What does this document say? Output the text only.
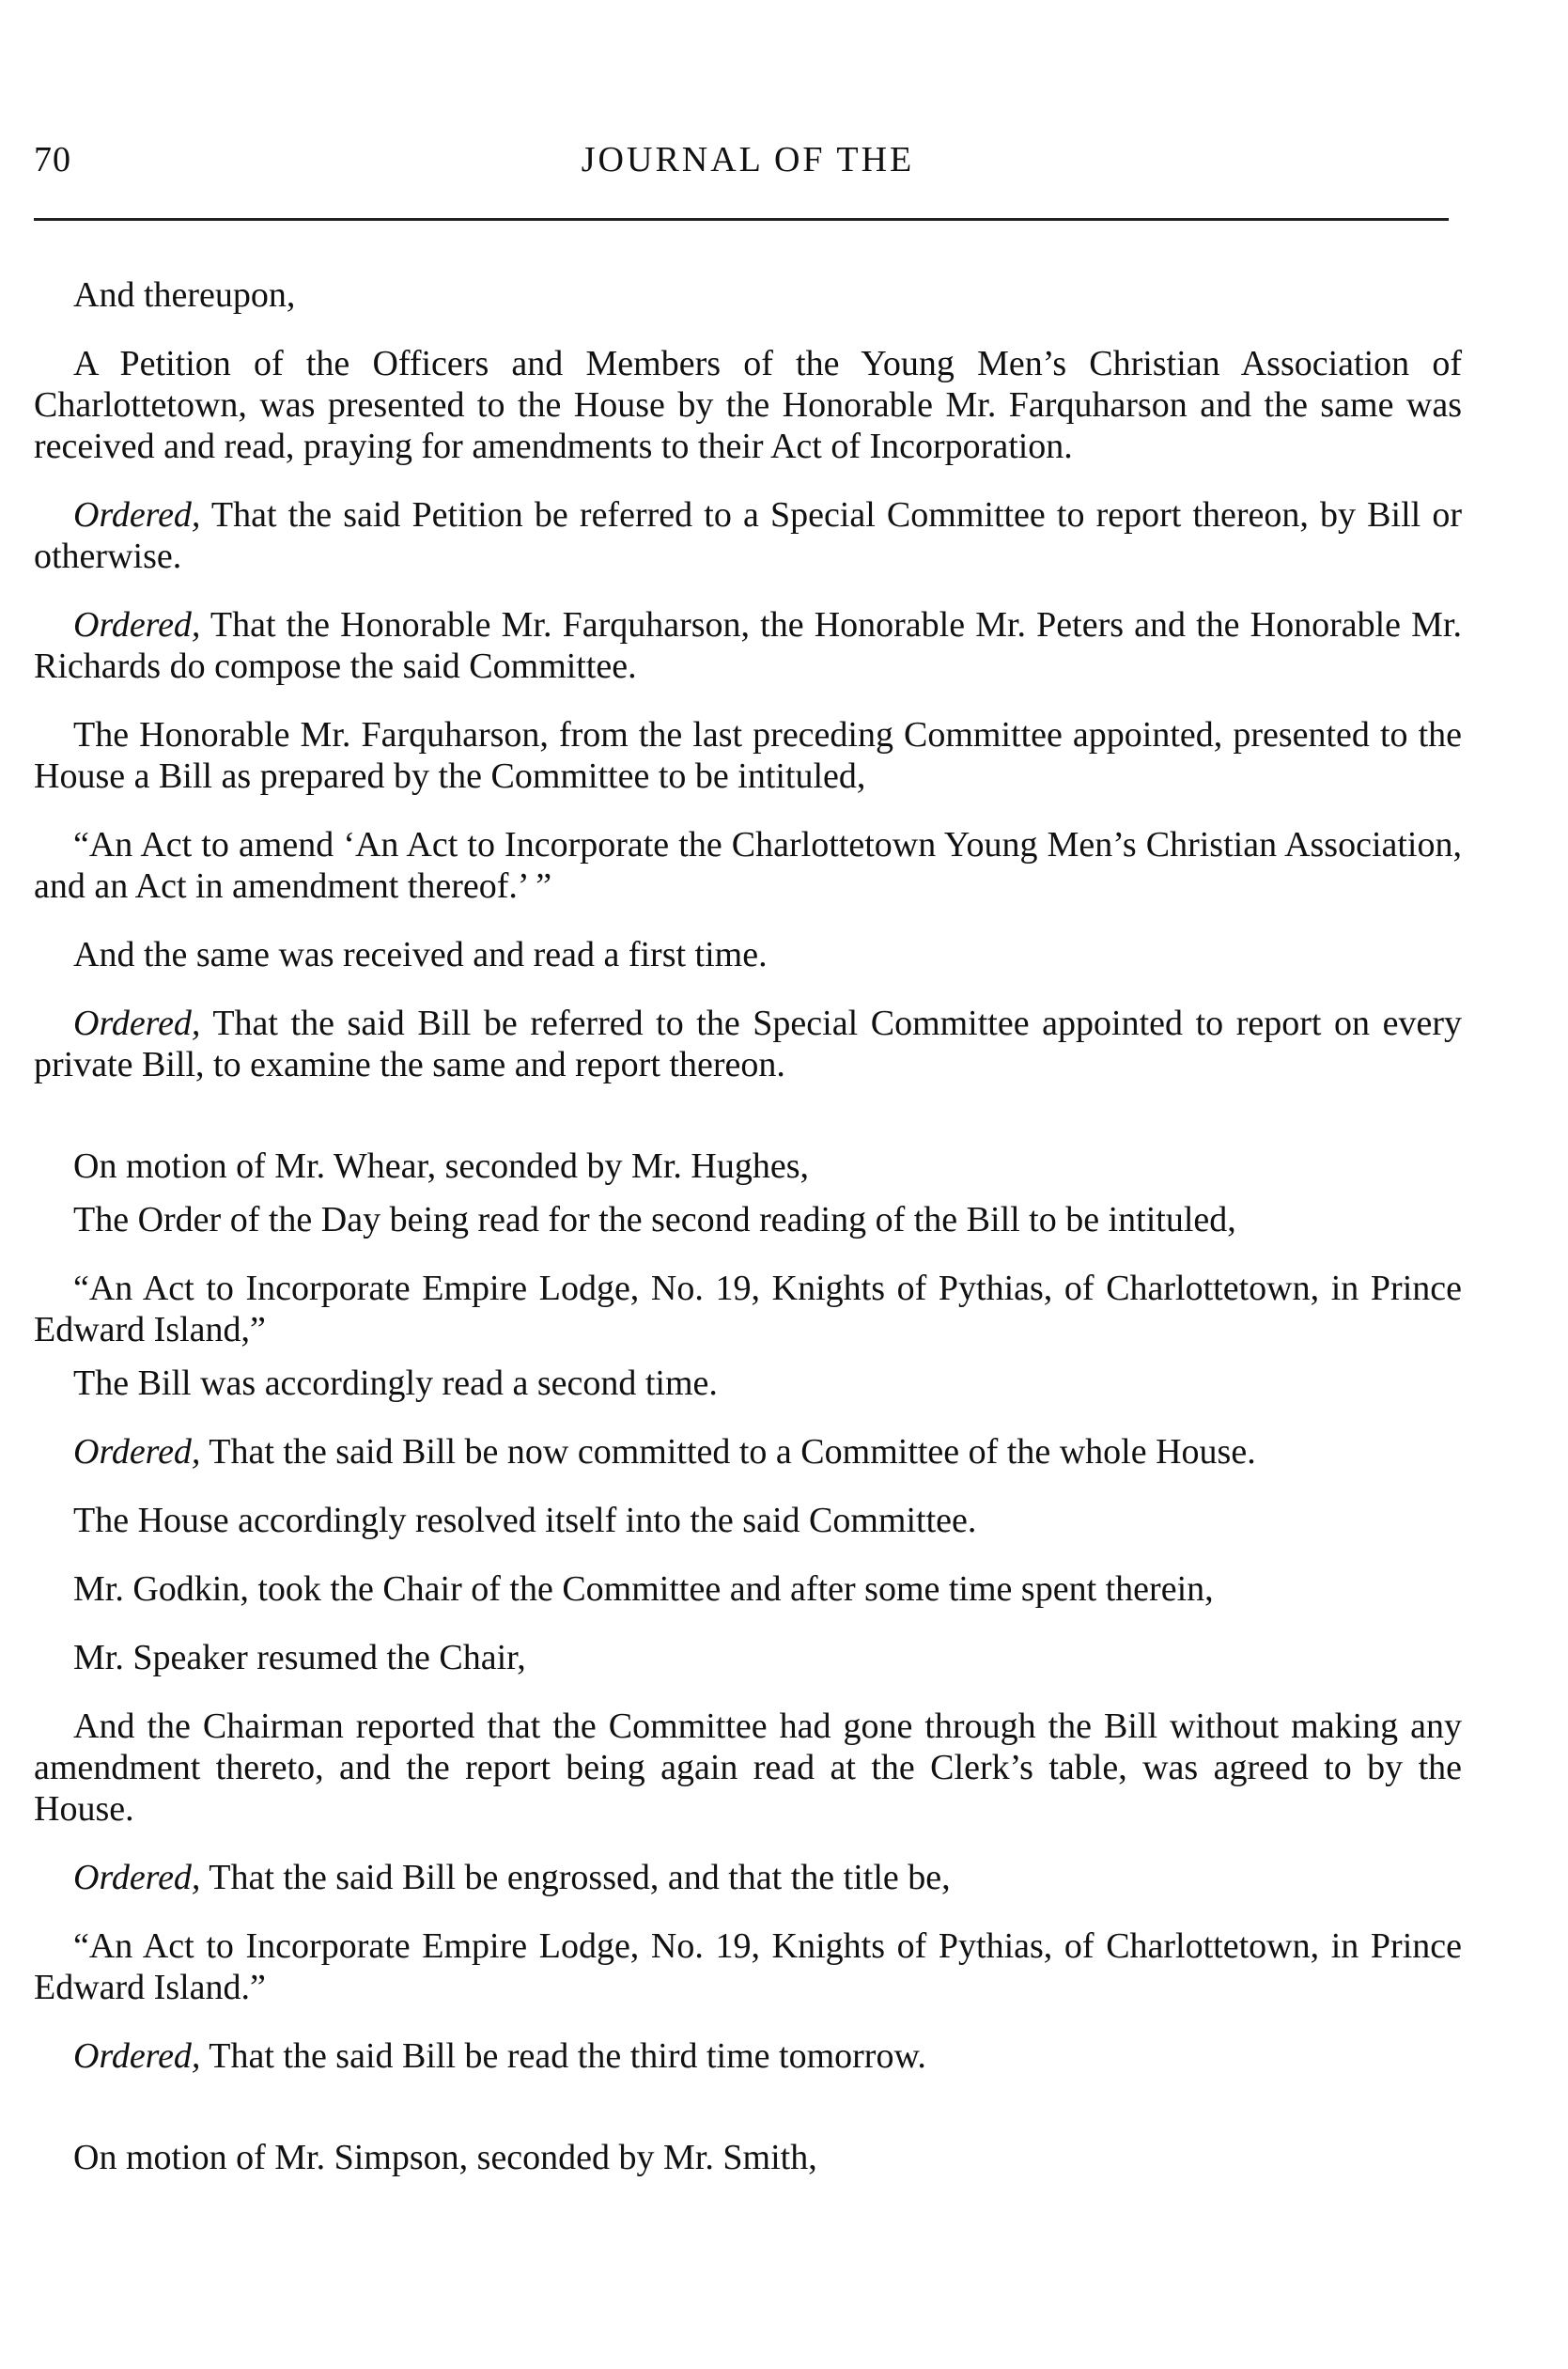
70	JOURNAL OF THE

And thereupon,

A Petition of the Officers and Members of the Young Men’s Christian Association of Charlottetown, was presented to the House by the Honorable Mr. Farquharson and the same was received and read, praying for amendments to their Act of Incorporation.

Ordered, That the said Petition be referred to a Special Committee to report thereon, by Bill or otherwise.

Ordered, That the Honorable Mr. Farquharson, the Honorable Mr. Peters and the Honorable Mr. Richards do compose the said Committee.

The Honorable Mr. Farquharson, from the last preceding Committee appointed, presented to the House a Bill as prepared by the Committee to be intituled,

“An Act to amend ‘An Act to Incorporate the Charlottetown Young Men’s Christian Association, and an Act in amendment thereof.’ ”

And the same was received and read a first time.

Ordered, That the said Bill be referred to the Special Committee appointed to report on every private Bill, to examine the same and report thereon.

On motion of Mr. Whear, seconded by Mr. Hughes,

The Order of the Day being read for the second reading of the Bill to be intituled,

“An Act to Incorporate Empire Lodge, No. 19, Knights of Pythias, of Charlottetown, in Prince Edward Island,”

The Bill was accordingly read a second time.

Ordered, That the said Bill be now committed to a Committee of the whole House.

The House accordingly resolved itself into the said Committee.

Mr. Godkin, took the Chair of the Committee and after some time spent therein,

Mr. Speaker resumed the Chair,

And the Chairman reported that the Committee had gone through the Bill without making any amendment thereto, and the report being again read at the Clerk’s table, was agreed to by the House.

Ordered, That the said Bill be engrossed, and that the title be,

“An Act to Incorporate Empire Lodge, No. 19, Knights of Pythias, of Charlottetown, in Prince Edward Island.”

Ordered, That the said Bill be read the third time tomorrow.

On motion of Mr. Simpson, seconded by Mr. Smith,
